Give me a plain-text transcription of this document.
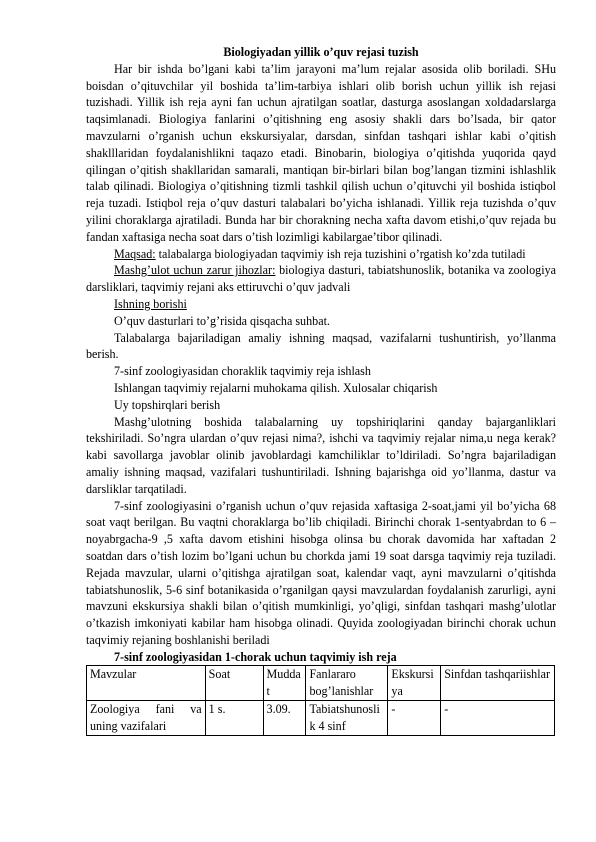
Biologiyadan yillik o’quv rejasi tuzish

Har bir ishda bo’lgani kabi ta’lim jarayoni ma’lum rejalar asosida olib boriladi. SHu boisdan o’qituvchilar yil boshida ta’lim-tarbiya ishlari olib borish uchun yillik ish rejasi tuzishadi. Yillik ish reja ayni fan uchun ajratilgan soatlar, dasturga asoslangan xoldadarslarga taqsimlanadi. Biologiya fanlarini o’qitishning eng asosiy shakli dars bo’lsada, bir qator mavzularni o’rganish uchun ekskursiyalar, darsdan, sinfdan tashqari ishlar kabi o’qitish shaklllaridan foydalanishlikni taqazo etadi. Binobarin, biologiya o’qitishda yuqorida qayd qilingan o’qitish shakllaridan samarali, mantiqan bir-birlari bilan bog’langan tizmini ishlashlik talab qilinadi. Biologiya o’qitishning tizmli tashkil qilish uchun o’qituvchi yil boshida istiqbol reja tuzadi. Istiqbol reja o’quv dasturi talabalari bo’yicha ishlanadi. Yillik reja tuzishda o’quv yilini choraklarga ajratiladi. Bunda har bir chorakning necha xafta davom etishi,o’quv rejada bu fandan xaftasiga necha soat dars o’tish lozimligi kabilargae’tibor qilinadi.

Maqsad: talabalarga biologiyadan taqvimiy ish reja tuzishini o’rgatish ko’zda tutiladi

Mashg’ulot uchun zarur jihozlar: biologiya dasturi, tabiatshunoslik, botanika va zoologiya darsliklari, taqvimiy rejani aks ettiruvchi o’quv jadvali

Ishning borishi

O’quv dasturlari to’g’risida qisqacha suhbat.

Talabalarga bajariladigan amaliy ishning maqsad, vazifalarni tushuntirish, yo’llanma berish.

7-sinf zoologiyasidan choraklik taqvimiy reja ishlash

Ishlangan taqvimiy rejalarni muhokama qilish. Xulosalar chiqarish

Uy topshirqlari berish

Mashg’ulotning boshida talabalarning uy topshiriqlarini qanday bajarganliklari tekshiriladi. So’ngra ulardan o’quv rejasi nima?, ishchi va taqvimiy rejalar nima,u nega kerak? kabi savollarga javoblar olinib javoblardagi kamchiliklar to’ldiriladi. So’ngra bajariladigan amaliy ishning maqsad, vazifalari tushuntiriladi. Ishning bajarishga oid yo’llanma, dastur va darsliklar tarqatiladi.

7-sinf zoologiyasini o’rganish uchun o’quv rejasida xaftasiga 2-soat,jami yil bo’yicha 68 soat vaqt berilgan. Bu vaqtni choraklarga bo’lib chiqiladi. Birinchi chorak 1-sentyabrdan to 6 –noyabrgacha-9 ,5 xafta davom etishini hisobga olinsa bu chorak davomida har xaftadan 2 soatdan dars o’tish lozim bo’lgani uchun bu chorkda jami 19 soat darsga taqvimiy reja tuziladi. Rejada mavzular, ularni o’qitishga ajratilgan soat, kalendar vaqt, ayni mavzularni o’qitishda tabiatshunoslik, 5-6 sinf botanikasida o’rganilgan qaysi mavzulardan foydalanish zarurligi, ayni mavzuni ekskursiya shakli bilan o’qitish mumkinligi, yo’qligi, sinfdan tashqari mashg’ulotlar o’tkazish imkoniyati kabilar ham hisobga olinadi. Quyida zoologiyadan birinchi chorak uchun taqvimiy rejaning boshlanishi beriladi

7-sinf zoologiyasidan 1-chorak uchun taqvimiy ish reja
Mavzular	Soat	Muddat	Fanlararo bog’lanishlar	Ekskursiya	Sinfdan tashqariishlar
Zoologiya fani va uning vazifalari	1 s.	3.09.	Tabiatshunoslik 4 sinf	-	-
